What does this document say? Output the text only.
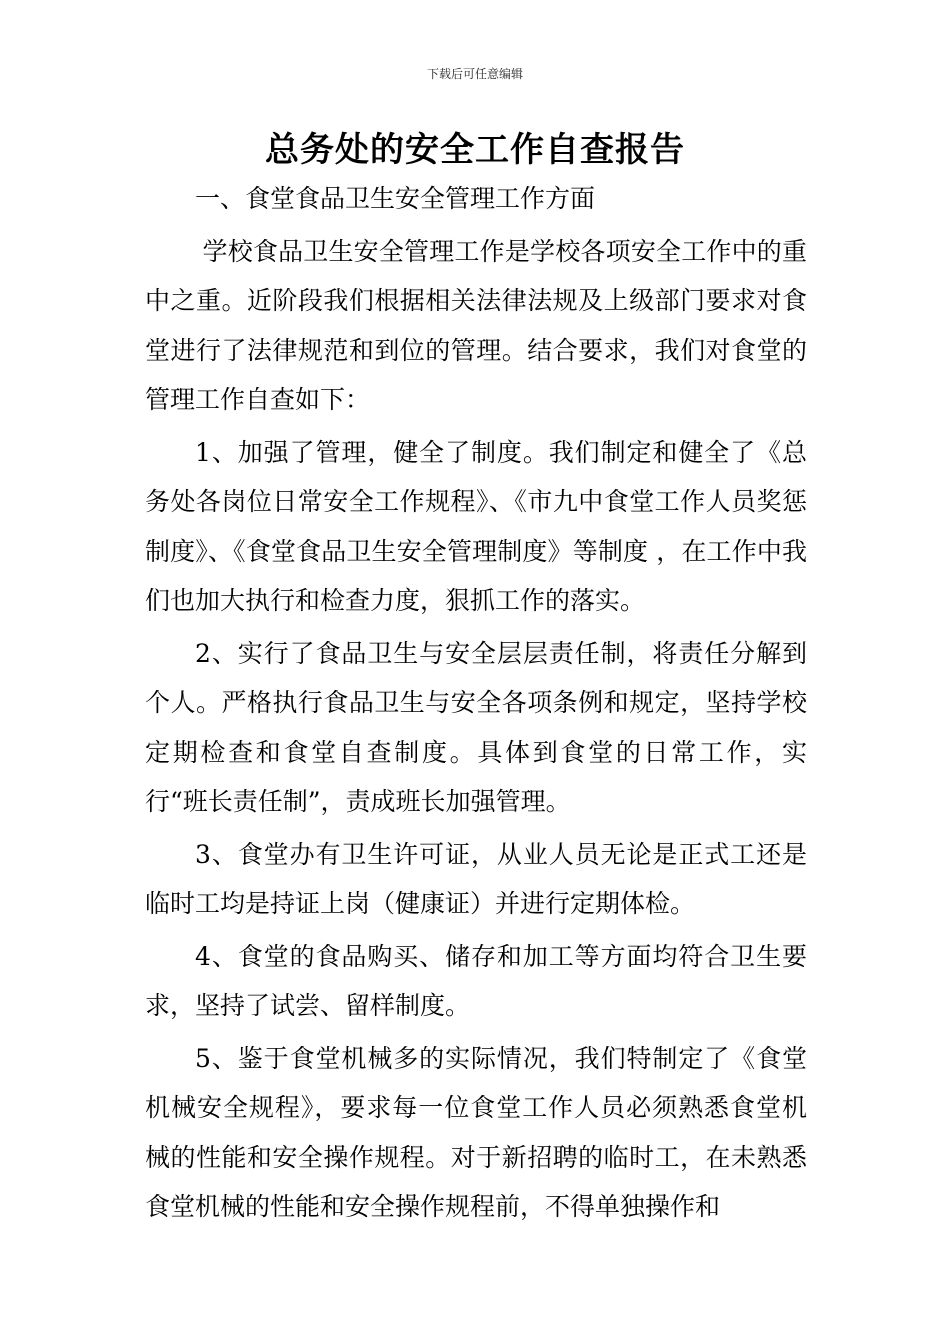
下载后可任意编辑
总务处的安全工作自查报告

一、食堂食品卫生安全管理工作方面

学校食品卫生安全管理工作是学校各项安全工作中的重中之重。近阶段我们根据相关法律法规及上级部门要求对食堂进行了法律规范和到位的管理。结合要求，我们对食堂的管理工作自查如下：

1、加强了管理，健全了制度。我们制定和健全了《总务处各岗位日常安全工作规程》、《市九中食堂工作人员奖惩制度》、《食堂食品卫生安全管理制度》等制度 ，在工作中我们也加大执行和检查力度，狠抓工作的落实。

2、实行了食品卫生与安全层层责任制，将责任分解到个人。严格执行食品卫生与安全各项条例和规定，坚持学校定期检查和食堂自查制度。具体到食堂的日常工作，实行“班长责任制”，责成班长加强管理。

3、食堂办有卫生许可证，从业人员无论是正式工还是临时工均是持证上岗（健康证）并进行定期体检。

4、食堂的食品购买、储存和加工等方面均符合卫生要求，坚持了试尝、留样制度。

5、鉴于食堂机械多的实际情况，我们特制定了《食堂机械安全规程》，要求每一位食堂工作人员必须熟悉食堂机械的性能和安全操作规程。对于新招聘的临时工，在未熟悉食堂机械的性能和安全操作规程前，不得单独操作和
